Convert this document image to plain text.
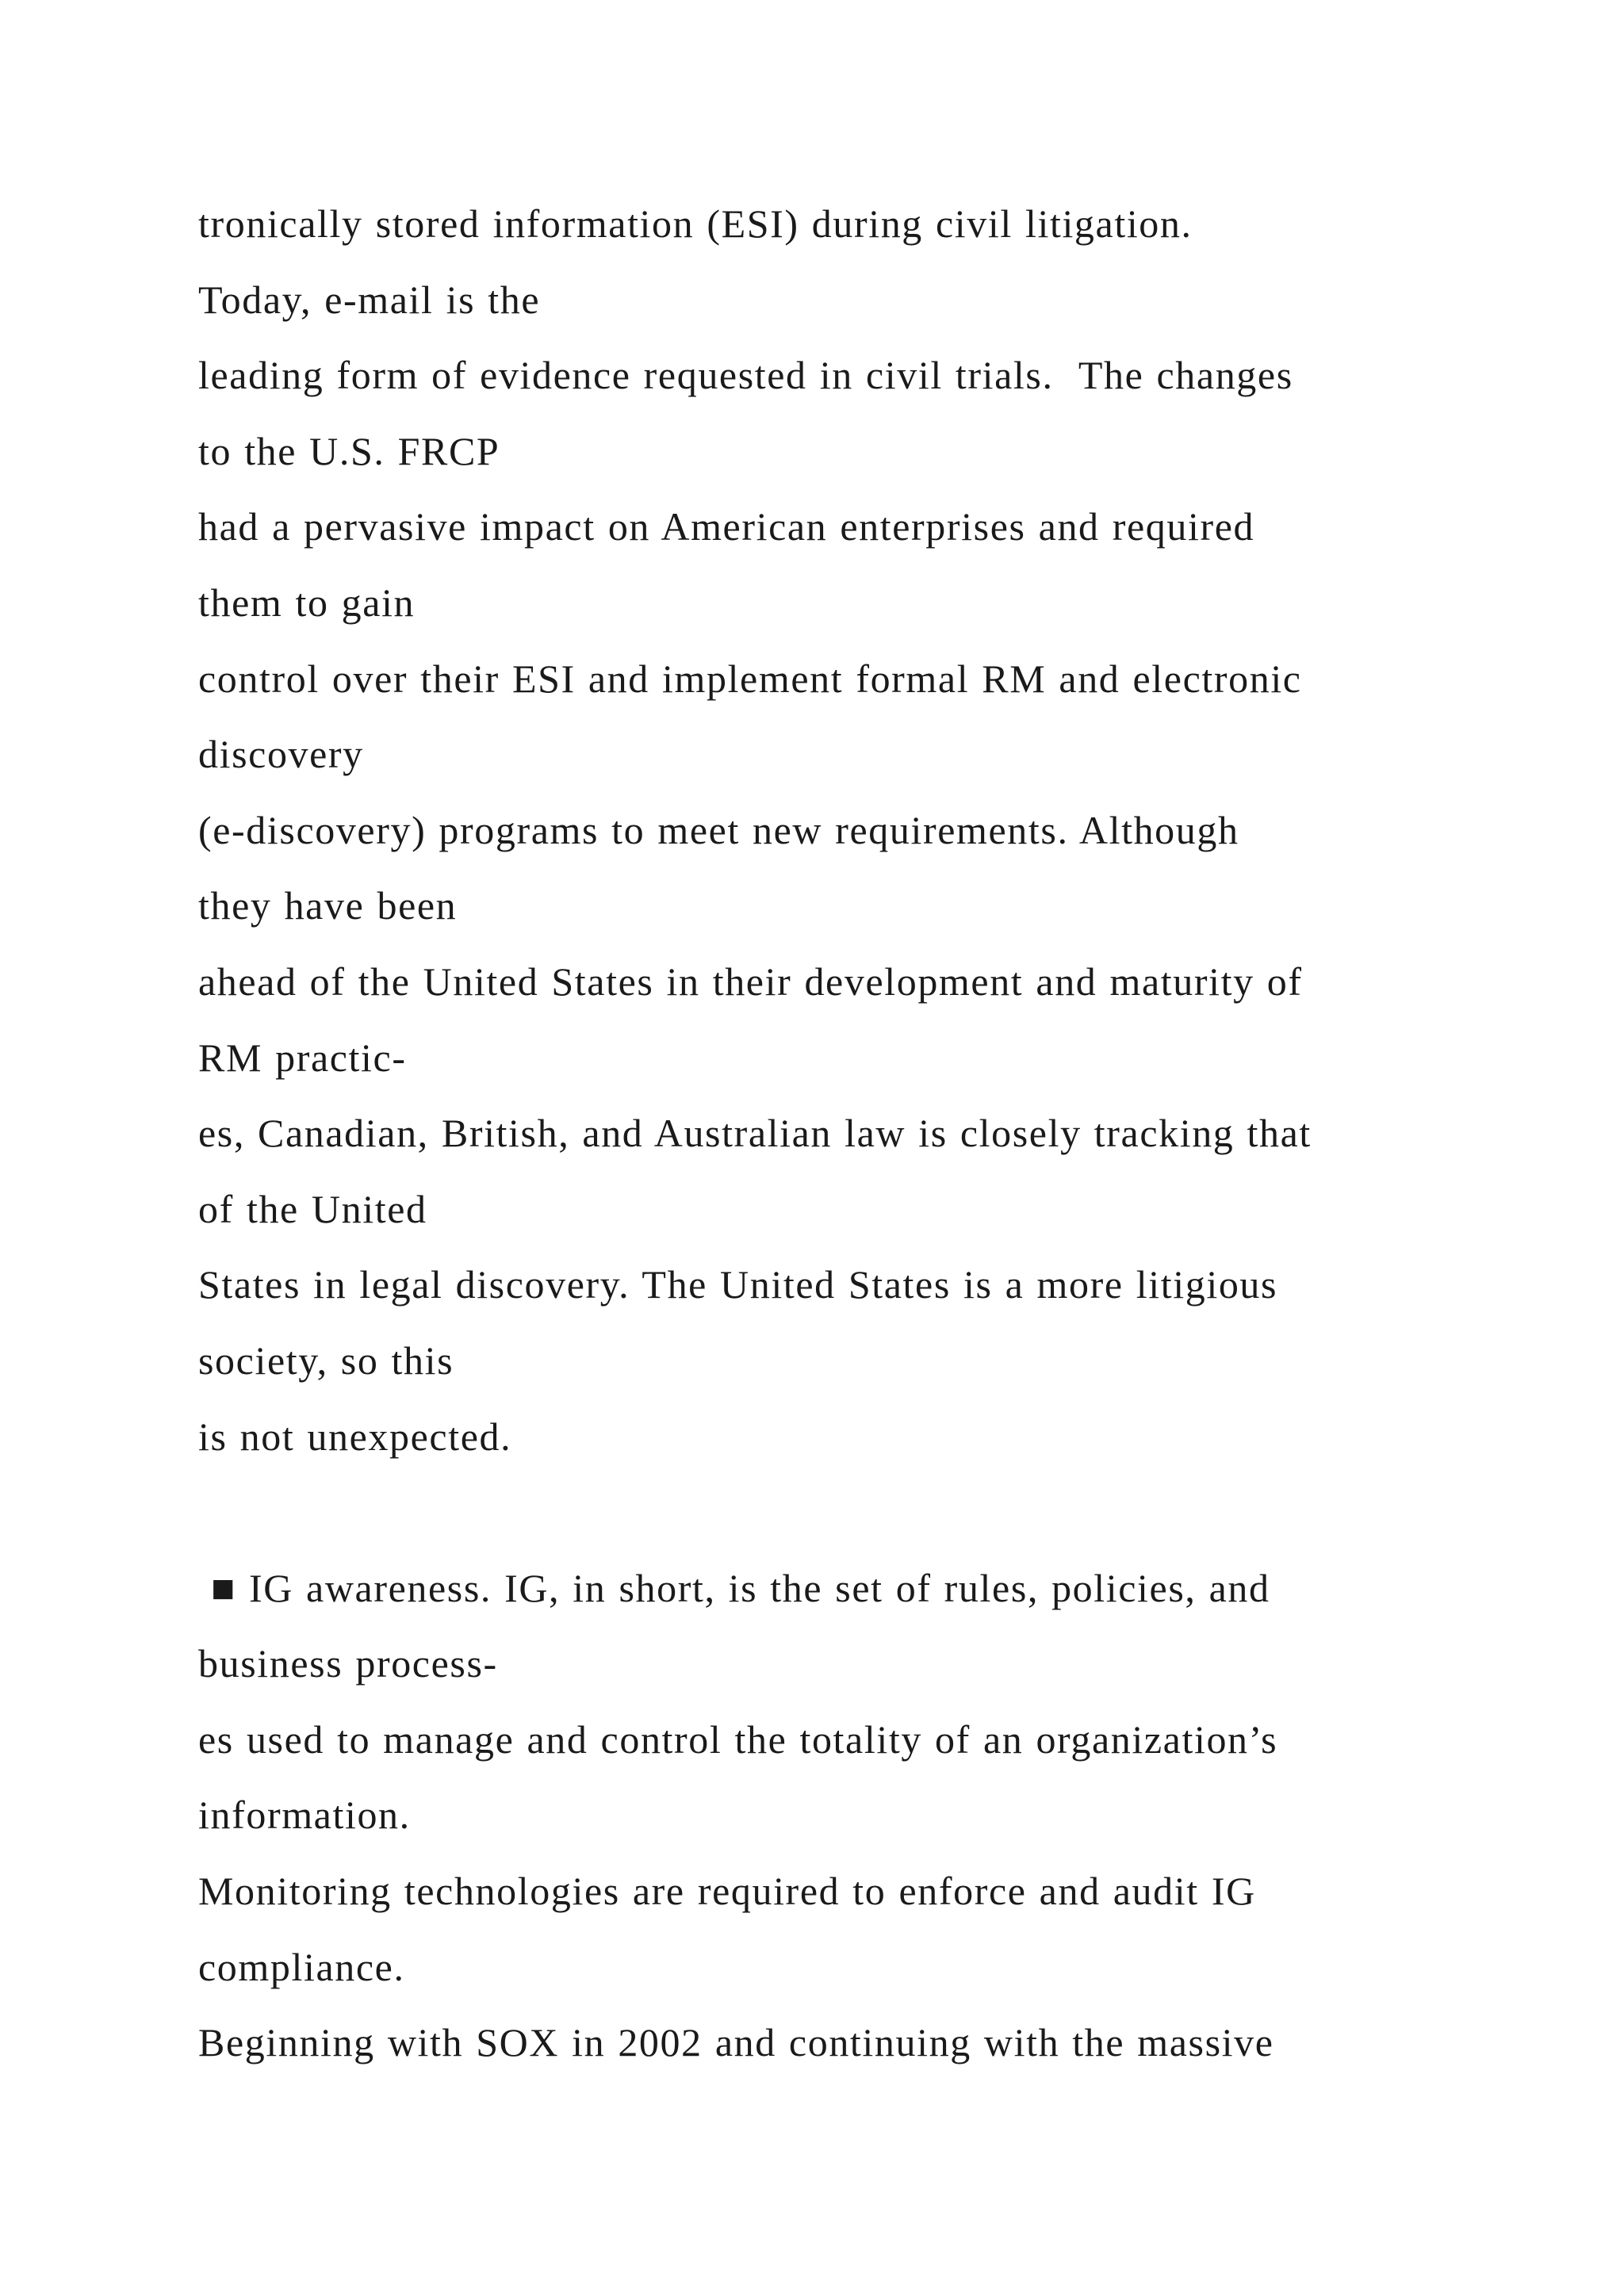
tronically stored information (ESI) during civil litigation.
Today, e-mail is the
leading form of evidence requested in civil trials.  The changes
to the U.S. FRCP
had a pervasive impact on American enterprises and required
them to gain
control over their ESI and implement formal RM and electronic
discovery
(e-discovery) programs to meet new requirements. Although
they have been
ahead of the United States in their development and maturity of
RM practic-
es, Canadian, British, and Australian law is closely tracking that
of the United
States in legal discovery. The United States is a more litigious
society, so this
is not unexpected.
■ IG awareness. IG, in short, is the set of rules, policies, and
business process-
es used to manage and control the totality of an organization’s
information.
Monitoring technologies are required to enforce and audit IG
compliance.
Beginning with SOX in 2002 and continuing with the massive
